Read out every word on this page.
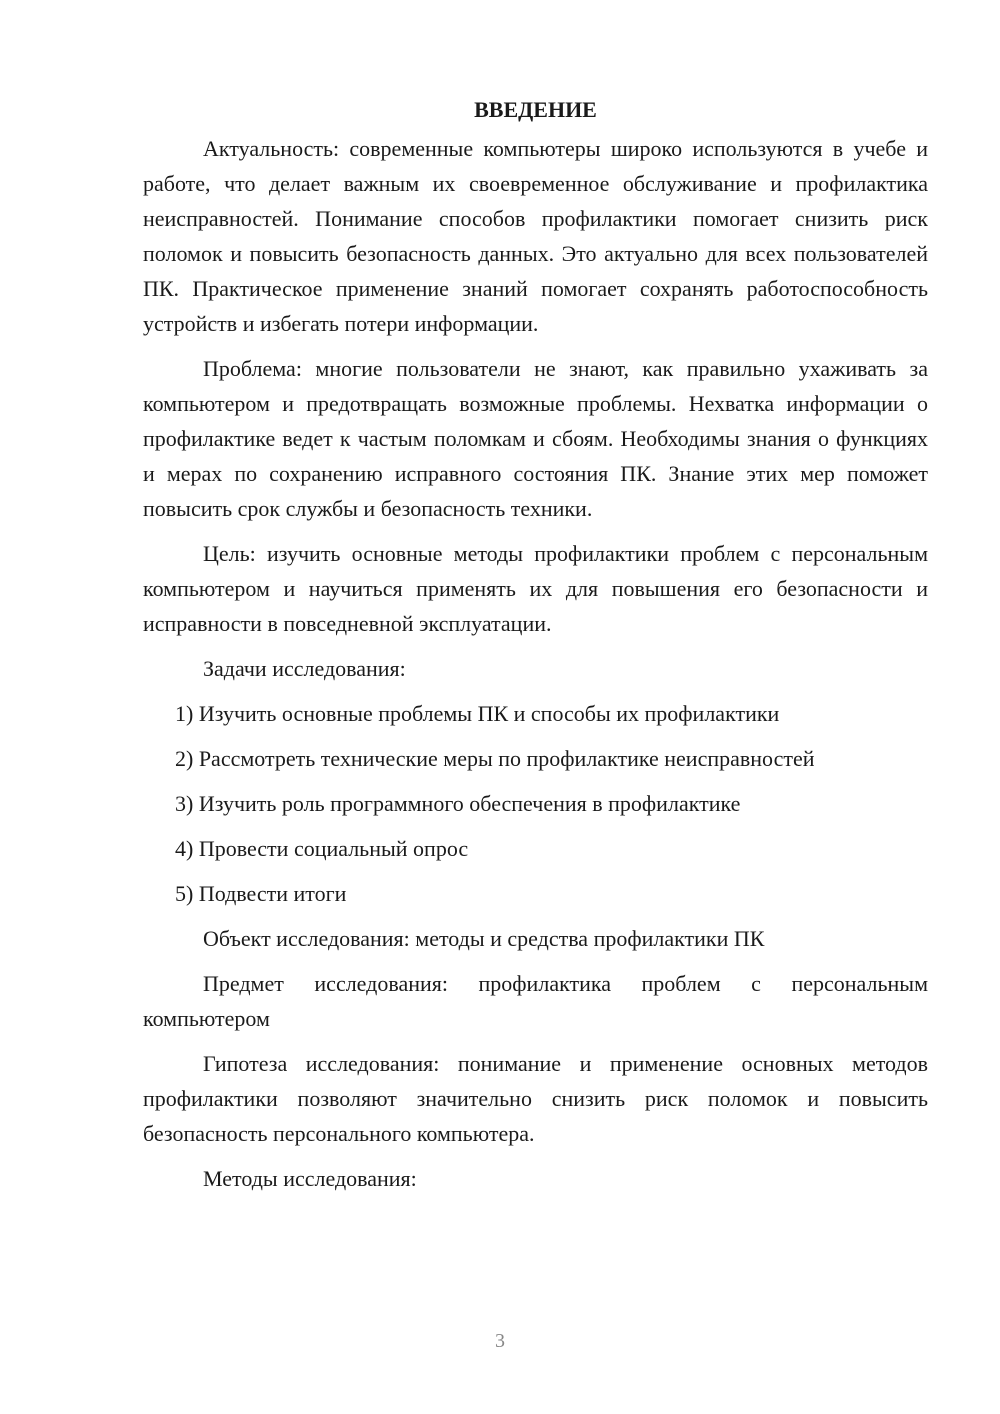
ВВЕДЕНИЕ

Актуальность: современные компьютеры широко используются в учебе и работе, что делает важным их своевременное обслуживание и профилактика неисправностей. Понимание способов профилактики помогает снизить риск поломок и повысить безопасность данных. Это актуально для всех пользователей ПК. Практическое применение знаний помогает сохранять работоспособность устройств и избегать потери информации.

Проблема: многие пользователи не знают, как правильно ухаживать за компьютером и предотвращать возможные проблемы. Нехватка информации о профилактике ведет к частым поломкам и сбоям. Необходимы знания о функциях и мерах по сохранению исправного состояния ПК. Знание этих мер поможет повысить срок службы и безопасность техники.

Цель: изучить основные методы профилактики проблем с персональным компьютером и научиться применять их для повышения его безопасности и исправности в повседневной эксплуатации.

Задачи исследования:

1) Изучить основные проблемы ПК и способы их профилактики
2) Рассмотреть технические меры по профилактике неисправностей
3) Изучить роль программного обеспечения в профилактике
4) Провести социальный опрос
5) Подвести итоги

Объект исследования: методы и средства профилактики ПК

Предмет исследования: профилактика проблем с персональным компьютером

Гипотеза исследования: понимание и применение основных методов профилактики позволяют значительно снизить риск поломок и повысить безопасность персонального компьютера.

Методы исследования:

3
